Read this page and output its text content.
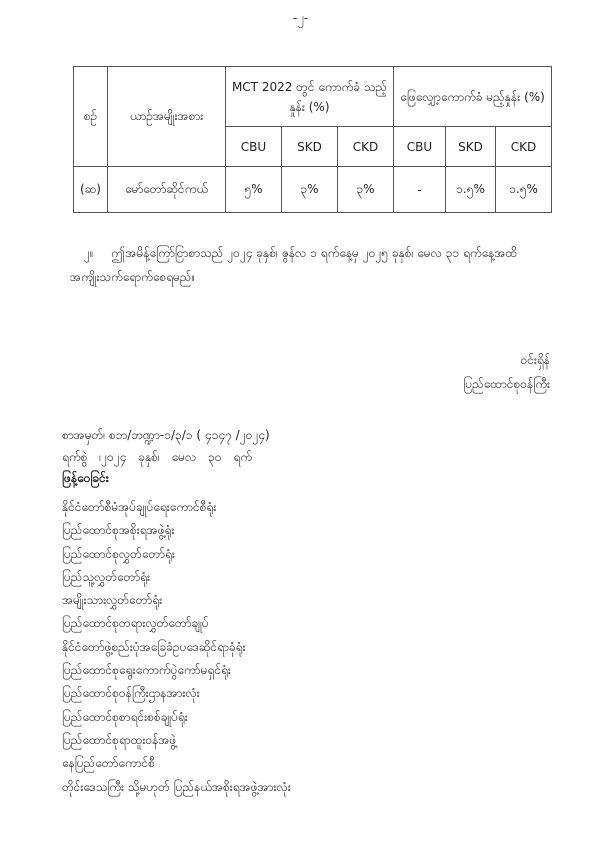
-၂-
စဉ်	ယာဉ်အမျိုးအစား	MCT 2022 တွင် ကောက်ခံ သည့်နှုန်း (%)			ဖြေလျှော့ကောက်ခံ မည့်နှုန်း (%)		
		CBU	SKD	CKD	CBU	SKD	CKD
(ဆ)	မော်တော်ဆိုင်ကယ်	၅%	၃%	၃%	-	၁.၅%	၁.၅%
၂။ ဤအမိန့်ကြော်ငြာစာသည် ၂၀၂၄ ခုနှစ်၊ ဇွန်လ ၁ ရက်နေ့မှ ၂၀၂၅ ခုနှစ်၊ မေလ ၃၁ ရက်နေ့အထိ အကျိုးသက်ရောက်စေရမည်။
ဝင်းရှိန်
ပြည်ထောင်စုဝန်ကြီး
စာအမှတ်၊ စဘ/ဘဏ္ဍာ-၁/၃/၁ ( ၄၁၄၇ /၂၀၂၄)
ရက်စွဲ ၊၂၀၂၄ ခုနှစ်၊ မေလ ၃၀ ရက်
ဖြန့်ဝေခြင်း
နိုင်ငံတော်စီမံအုပ်ချုပ်ရေးကောင်စီရုံး
ပြည်ထောင်စုအစိုးရအဖွဲ့ရုံး
ပြည်ထောင်စုလွှတ်တော်ရုံး
ပြည်သူ့လွှတ်တော်ရုံး
အမျိုးသားလွှတ်တော်ရုံး
ပြည်ထောင်စုတရားလွှတ်တော်ချုပ်
နိုင်ငံတော်ဖွဲ့စည်းပုံအခြေခံဥပဒေဆိုင်ရာခုံရုံး
ပြည်ထောင်စုရွေးကောက်ပွဲကော်မရှင်ရုံး
ပြည်ထောင်စုဝန်ကြီးဌာနအားလုံး
ပြည်ထောင်စုစာရင်းစစ်ချုပ်ရုံး
ပြည်ထောင်စုရာထူးဝန်အဖွဲ့
နေပြည်တော်ကောင်စီ
တိုင်းဒေသကြီး သို့မဟုတ် ပြည်နယ်အစိုးရအဖွဲ့အားလုံး
